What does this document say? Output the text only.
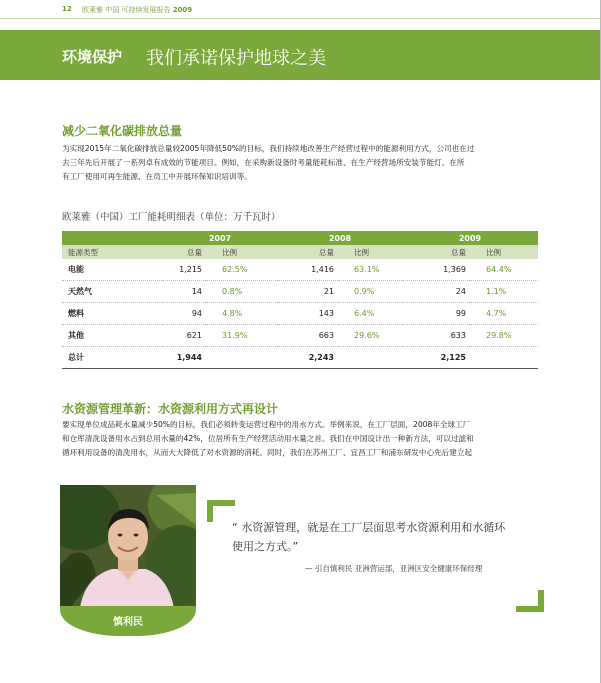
12 欧莱雅 中国 可持续发展报告 2009
环境保护 我们承诺保护地球之美
减少二氧化碳排放总量
为实现2015年二氧化碳排放总量较2005年降低50%的目标，我们持续地改善生产经营过程中的能源利用方式，公司也在过
去三年先后开展了一系列卓有成效的节能项目。例如，在采购新设备时考量能耗标准、在生产经营场所安装节能灯、在所
有工厂使用可再生能源、在员工中开展环保知识培训等。
欧莱雅（中国）工厂能耗明细表（单位：万千瓦时）
	2007		2008		2009	
能源类型	总量	比例	总量	比例	总量	比例
电能	1,215	62.5%	1,416	63.1%	1,369	64.4%
天然气	14	0.8%	21	0.9%	24	1.1%
燃料	94	4.8%	143	6.4%	99	4.7%
其他	621	31.9%	663	29.6%	633	29.8%
总计	1,944		2,243		2,125	
水资源管理革新：水资源利用方式再设计
要实现单位成品耗水量减少50%的目标，我们必须转变运营过程中的用水方式。举例来说，在工厂层面，2008年全球工厂
和仓库清洗设备用水占到总用水量的42%，位居所有生产经营活动用水量之首。我们在中国设计出一种新方法，可以过滤和
循环利用设备的清洗用水，从而大大降低了对水资源的消耗。同时，我们在苏州工厂、宜昌工厂和浦东研发中心先后建立起
慎利民
“ 水资源管理，就是在工厂层面思考水资源利用和水循环
使用之方式。”
— 引自慎利民 亚洲营运部，亚洲区安全健康环保经理
